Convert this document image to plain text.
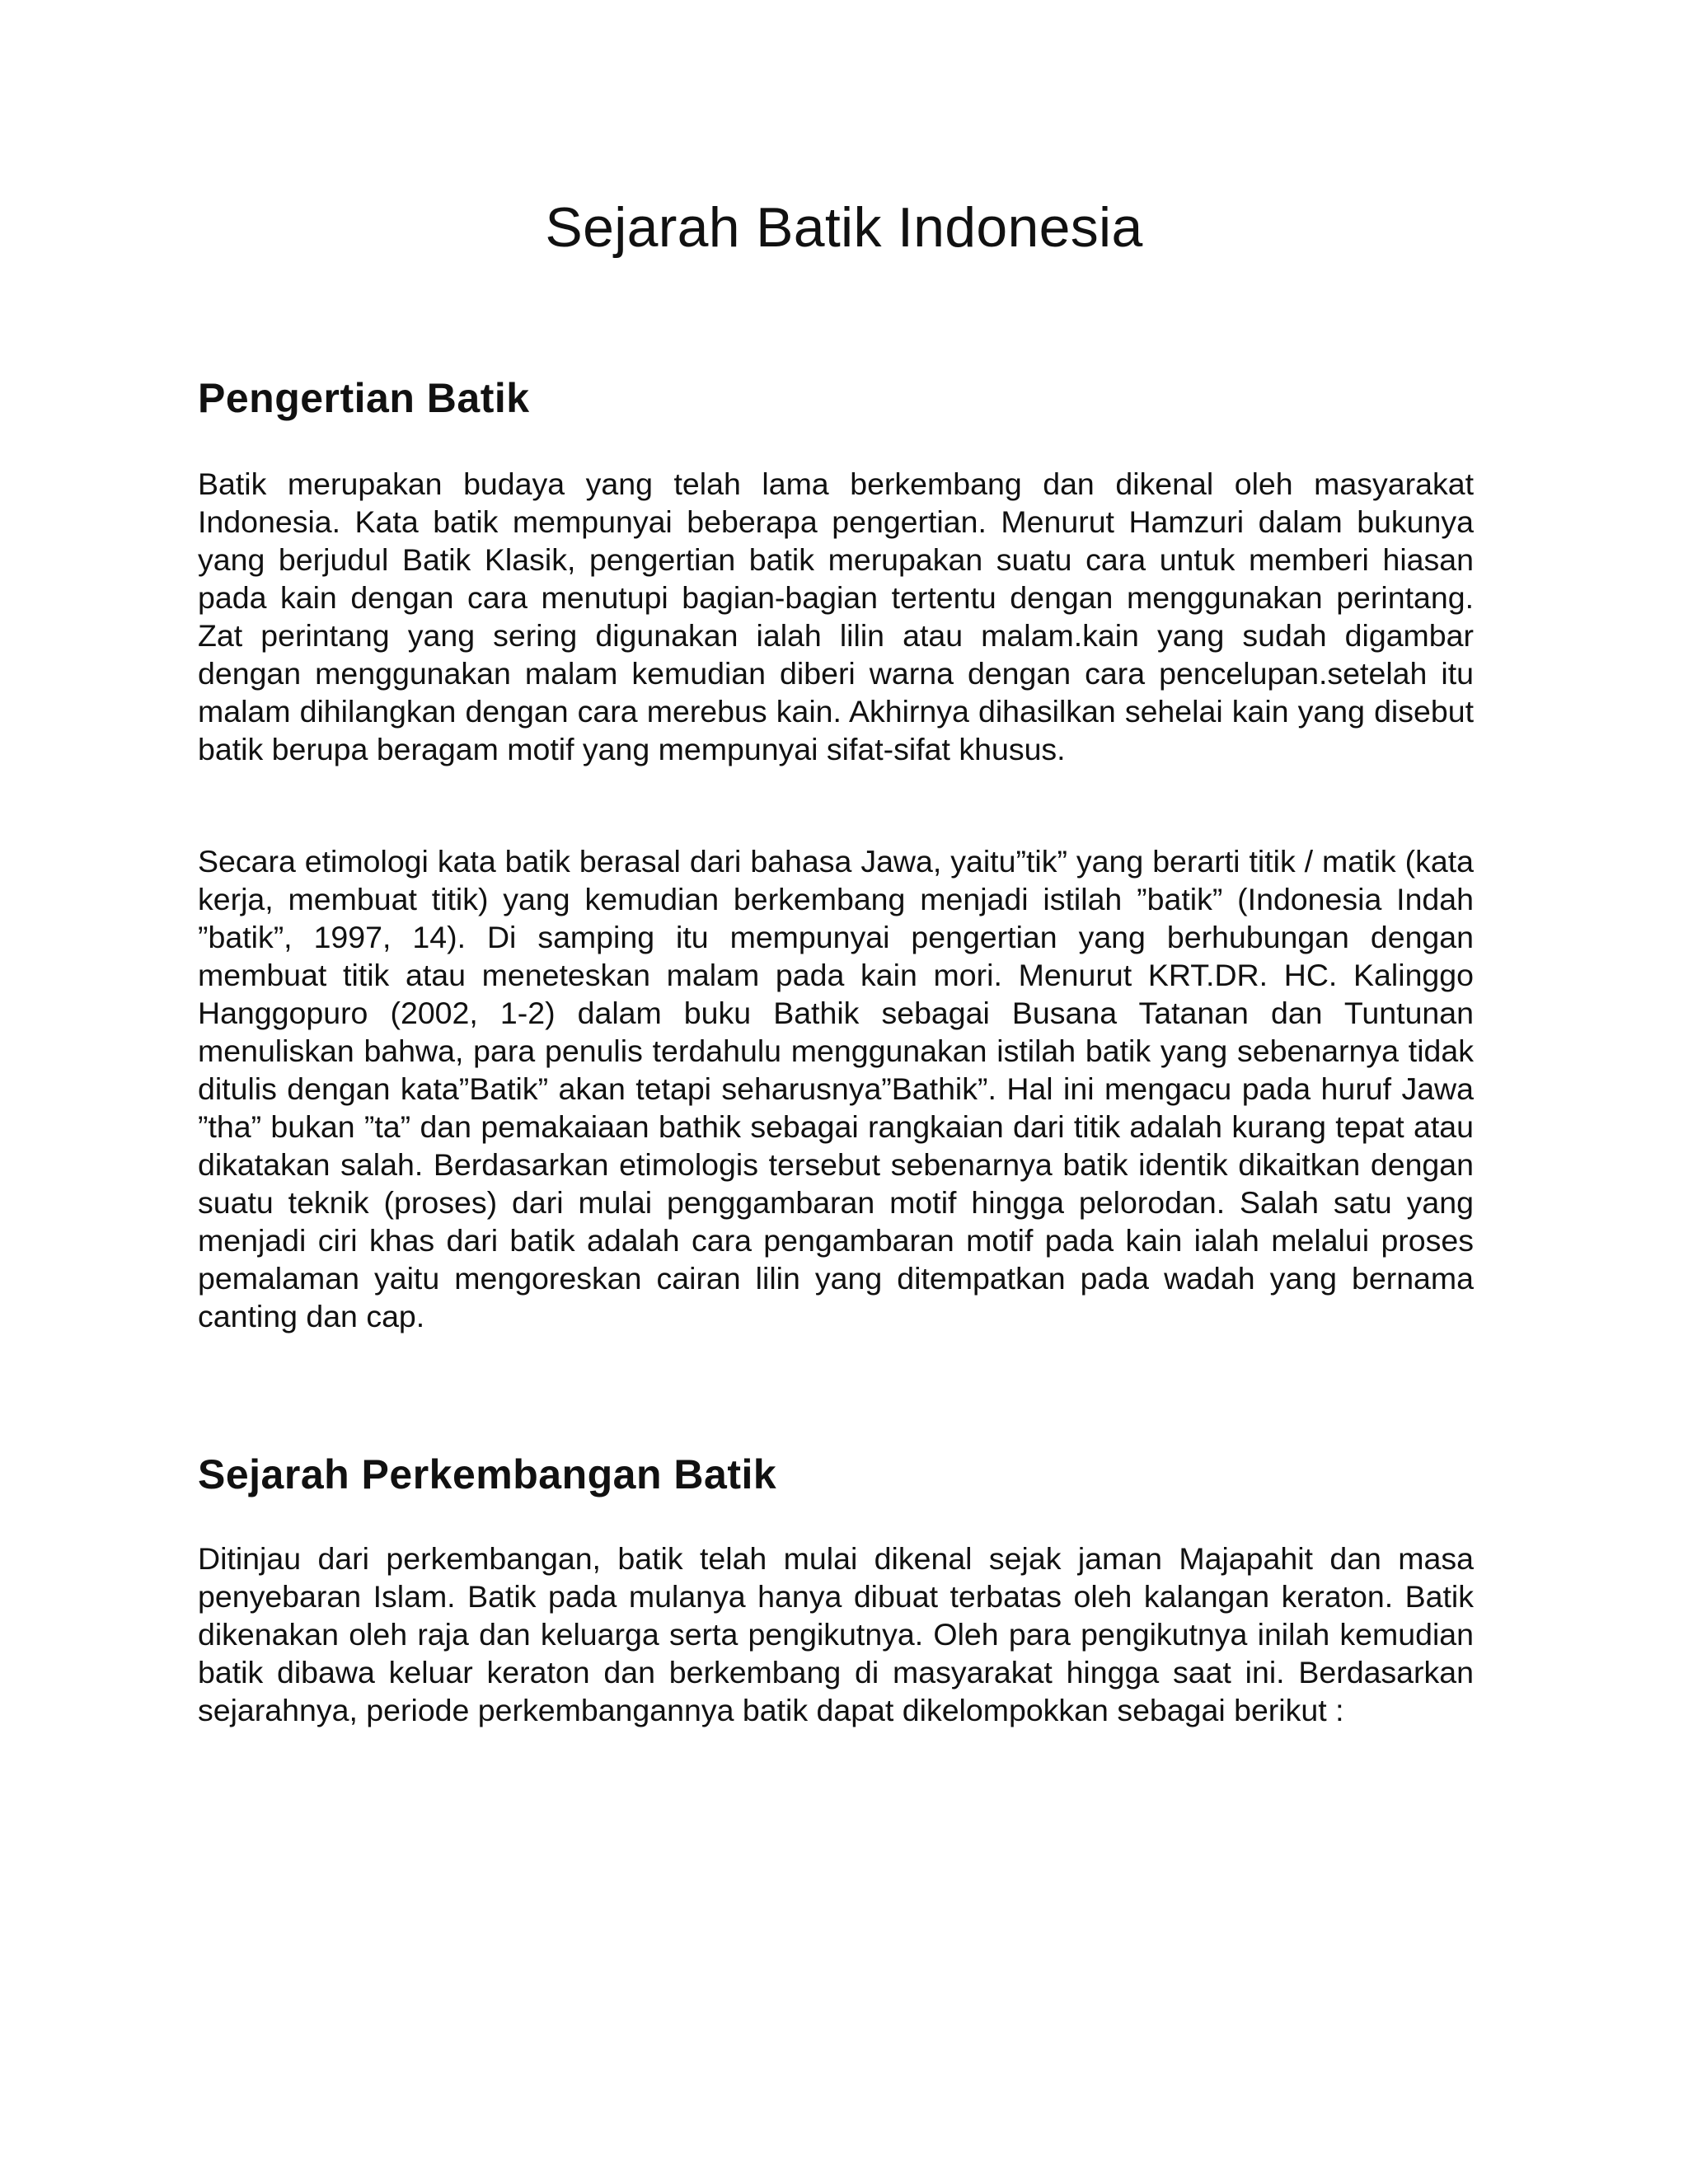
Sejarah Batik Indonesia
Pengertian Batik

Batik merupakan budaya yang telah lama berkembang dan dikenal oleh masyarakat Indonesia. Kata batik mempunyai beberapa pengertian. Menurut Hamzuri dalam bukunya yang berjudul Batik Klasik, pengertian batik merupakan suatu cara untuk memberi hiasan pada kain dengan cara menutupi bagian-bagian tertentu dengan menggunakan perintang. Zat perintang yang sering digunakan ialah lilin atau malam.kain yang sudah digambar dengan menggunakan malam kemudian diberi warna dengan cara pencelupan.setelah itu malam dihilangkan dengan cara merebus kain. Akhirnya dihasilkan sehelai kain yang disebut batik berupa beragam motif yang mempunyai sifat-sifat khusus.

Secara etimologi kata batik berasal dari bahasa Jawa, yaitu”tik” yang berarti titik / matik (kata kerja, membuat titik) yang kemudian berkembang menjadi istilah ”batik” (Indonesia Indah ”batik”, 1997, 14). Di samping itu mempunyai pengertian yang berhubungan dengan membuat titik atau meneteskan malam pada kain mori. Menurut KRT.DR. HC. Kalinggo Hanggopuro (2002, 1-2) dalam buku Bathik sebagai Busana Tatanan dan Tuntunan menuliskan bahwa, para penulis terdahulu menggunakan istilah batik yang sebenarnya tidak ditulis dengan kata”Batik” akan tetapi seharusnya”Bathik”. Hal ini mengacu pada huruf Jawa ”tha” bukan ”ta” dan pemakaiaan bathik sebagai rangkaian dari titik adalah kurang tepat atau dikatakan salah. Berdasarkan etimologis tersebut sebenarnya batik identik dikaitkan dengan suatu teknik (proses) dari mulai penggambaran motif hingga pelorodan. Salah satu yang menjadi ciri khas dari batik adalah cara pengambaran motif pada kain ialah melalui proses pemalaman yaitu mengoreskan cairan lilin yang ditempatkan pada wadah yang bernama canting dan cap.

Sejarah Perkembangan Batik

Ditinjau dari perkembangan, batik telah mulai dikenal sejak jaman Majapahit dan masa penyebaran Islam. Batik pada mulanya hanya dibuat terbatas oleh kalangan keraton. Batik dikenakan oleh raja dan keluarga serta pengikutnya. Oleh para pengikutnya inilah kemudian batik dibawa keluar keraton dan berkembang di masyarakat hingga saat ini. Berdasarkan sejarahnya, periode perkembangannya batik dapat dikelompokkan sebagai berikut :
